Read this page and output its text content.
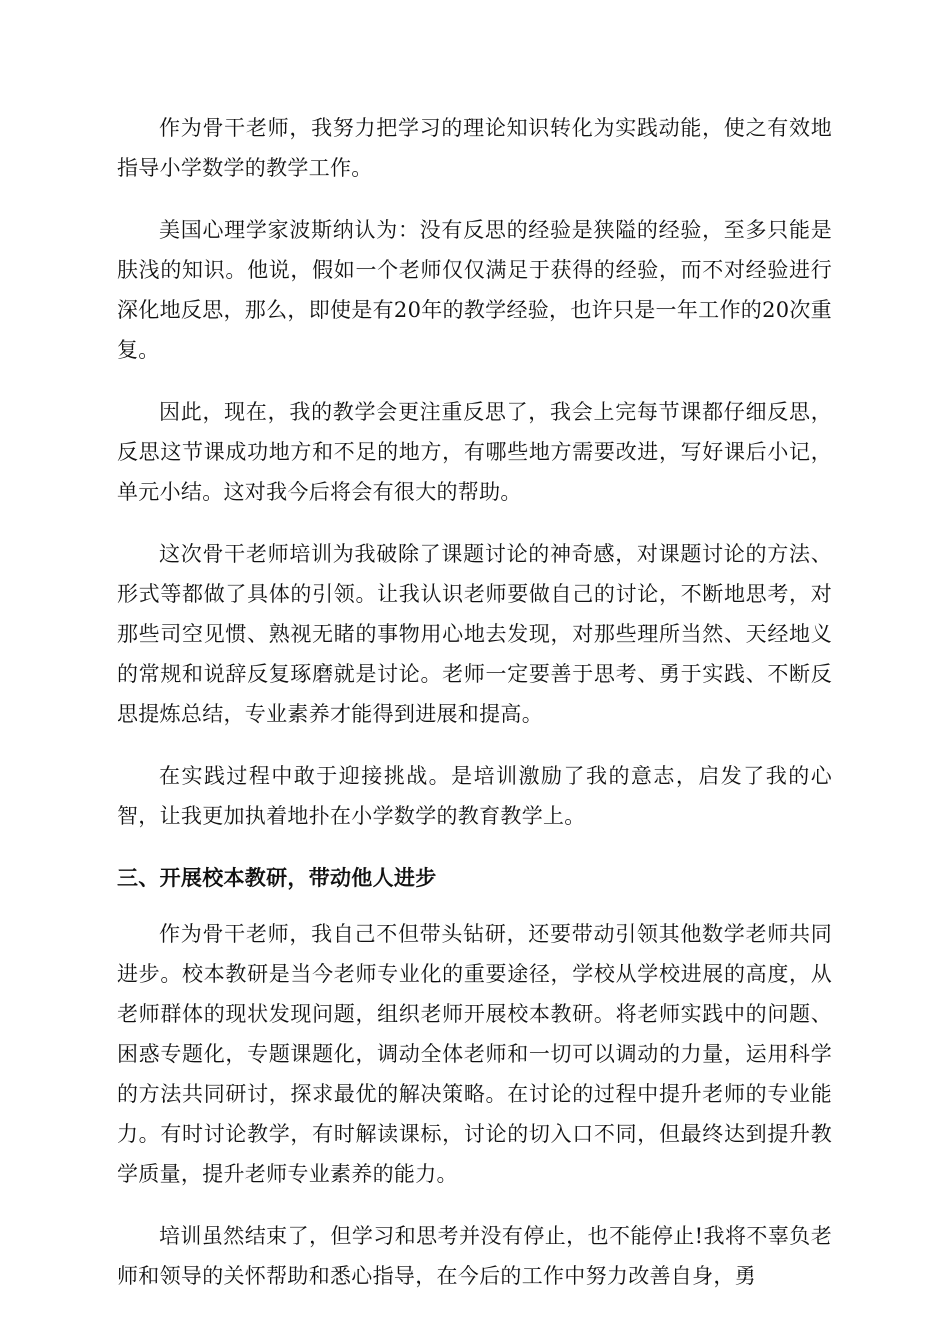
作为骨干老师，我努力把学习的理论知识转化为实践动能，使之有效地指导小学数学的教学工作。

美国心理学家波斯纳认为：没有反思的经验是狭隘的经验，至多只能是肤浅的知识。他说，假如一个老师仅仅满足于获得的经验，而不对经验进行深化地反思，那么，即使是有20年的教学经验，也许只是一年工作的20次重复。

因此，现在，我的教学会更注重反思了，我会上完每节课都仔细反思，反思这节课成功地方和不足的地方，有哪些地方需要改进，写好课后小记，单元小结。这对我今后将会有很大的帮助。

这次骨干老师培训为我破除了课题讨论的神奇感，对课题讨论的方法、形式等都做了具体的引领。让我认识老师要做自己的讨论，不断地思考，对那些司空见惯、熟视无睹的事物用心地去发现，对那些理所当然、天经地义的常规和说辞反复琢磨就是讨论。老师一定要善于思考、勇于实践、不断反思提炼总结，专业素养才能得到进展和提高。

在实践过程中敢于迎接挑战。是培训激励了我的意志，启发了我的心智，让我更加执着地扑在小学数学的教育教学上。

三、开展校本教研，带动他人进步

作为骨干老师，我自己不但带头钻研，还要带动引领其他数学老师共同进步。校本教研是当今老师专业化的重要途径，学校从学校进展的高度，从老师群体的现状发现问题，组织老师开展校本教研。将老师实践中的问题、困惑专题化，专题课题化，调动全体老师和一切可以调动的力量，运用科学的方法共同研讨，探求最优的解决策略。在讨论的过程中提升老师的专业能力。有时讨论教学，有时解读课标，讨论的切入口不同，但最终达到提升教学质量，提升老师专业素养的能力。

培训虽然结束了，但学习和思考并没有停止，也不能停止!我将不辜负老师和领导的关怀帮助和悉心指导，在今后的工作中努力改善自身，勇
